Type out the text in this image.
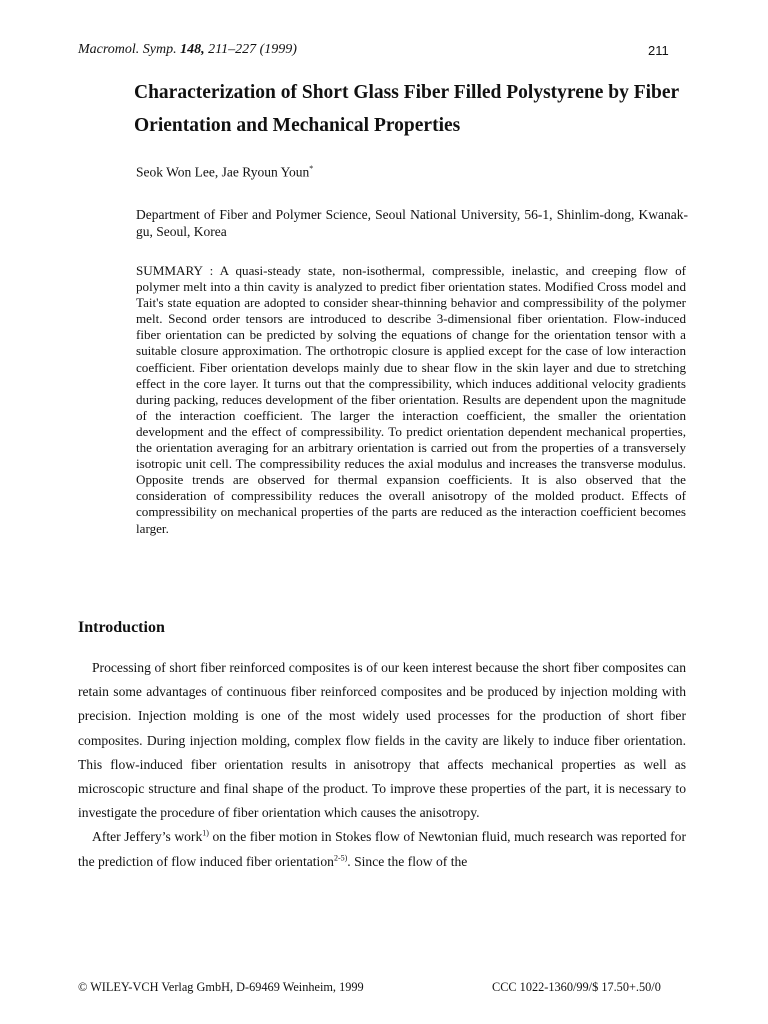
Macromol. Symp. 148, 211–227 (1999)	211
Characterization of Short Glass Fiber Filled Polystyrene by Fiber Orientation and Mechanical Properties
Seok Won Lee, Jae Ryoun Youn*
Department of Fiber and Polymer Science, Seoul National University, 56-1, Shinlim-dong, Kwanak-gu, Seoul, Korea
SUMMARY : A quasi-steady state, non-isothermal, compressible, inelastic, and creeping flow of polymer melt into a thin cavity is analyzed to predict fiber orientation states. Modified Cross model and Tait's state equation are adopted to consider shear-thinning behavior and compressibility of the polymer melt. Second order tensors are introduced to describe 3-dimensional fiber orientation. Flow-induced fiber orientation can be predicted by solving the equations of change for the orientation tensor with a suitable closure approximation. The orthotropic closure is applied except for the case of low interaction coefficient. Fiber orientation develops mainly due to shear flow in the skin layer and due to stretching effect in the core layer. It turns out that the compressibility, which induces additional velocity gradients during packing, reduces development of the fiber orientation. Results are dependent upon the magnitude of the interaction coefficient. The larger the interaction coefficient, the smaller the orientation development and the effect of compressibility. To predict orientation dependent mechanical properties, the orientation averaging for an arbitrary orientation is carried out from the properties of a transversely isotropic unit cell. The compressibility reduces the axial modulus and increases the transverse modulus. Opposite trends are observed for thermal expansion coefficients. It is also observed that the consideration of compressibility reduces the overall anisotropy of the molded product. Effects of compressibility on mechanical properties of the parts are reduced as the interaction coefficient becomes larger.
Introduction

Processing of short fiber reinforced composites is of our keen interest because the short fiber composites can retain some advantages of continuous fiber reinforced composites and be produced by injection molding with precision. Injection molding is one of the most widely used processes for the production of short fiber composites. During injection molding, complex flow fields in the cavity are likely to induce fiber orientation. This flow-induced fiber orientation results in anisotropy that affects mechanical properties as well as microscopic structure and final shape of the product. To improve these properties of the part, it is necessary to investigate the procedure of fiber orientation which causes the anisotropy.

After Jeffery’s work$^{1)}$ on the fiber motion in Stokes flow of Newtonian fluid, much research was reported for the prediction of flow induced fiber orientation$^{2-5)}$. Since the flow of the

© WILEY-VCH Verlag GmbH, D-69469 Weinheim, 1999	CCC 1022-1360/99/$ 17.50+.50/0
